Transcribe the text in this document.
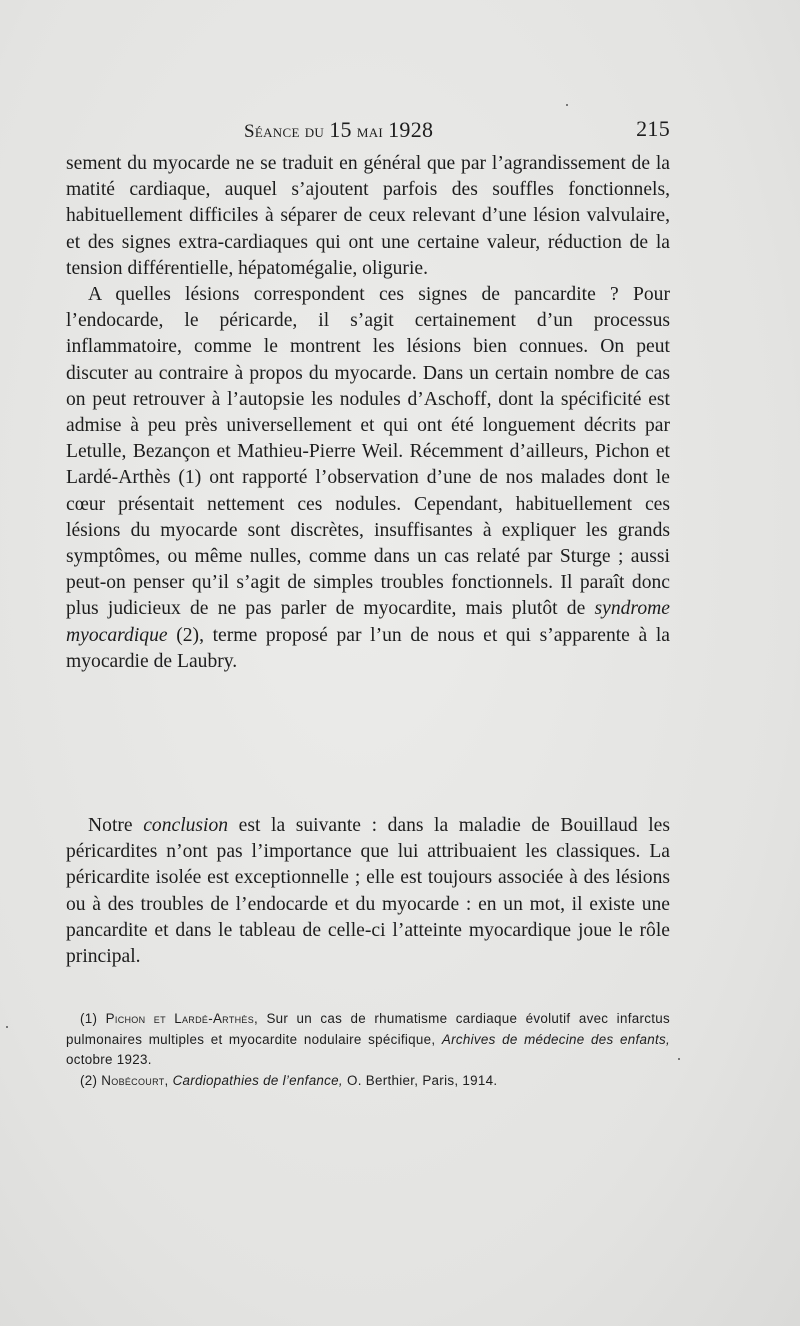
Séance du 15 mai 1928	215

sement du myocarde ne se traduit en général que par l’agrandissement de la matité cardiaque, auquel s’ajoutent parfois des souffles fonctionnels, habituellement difficiles à séparer de ceux relevant d’une lésion valvulaire, et des signes extra-cardiaques qui ont une certaine valeur, réduction de la tension différentielle, hépatomégalie, oligurie.

A quelles lésions correspondent ces signes de pancardite ? Pour l’endocarde, le péricarde, il s’agit certainement d’un processus inflammatoire, comme le montrent les lésions bien connues. On peut discuter au contraire à propos du myocarde. Dans un certain nombre de cas on peut retrouver à l’autopsie les nodules d’Aschoff, dont la spécificité est admise à peu près universellement et qui ont été longuement décrits par Letulle, Bezançon et Mathieu-Pierre Weil. Récemment d’ailleurs, Pichon et Lardé-Arthès (1) ont rapporté l’observation d’une de nos malades dont le cœur présentait nettement ces nodules. Cependant, habituellement ces lésions du myocarde sont discrètes, insuffisantes à expliquer les grands symptômes, ou même nulles, comme dans un cas relaté par Sturge ; aussi peut-on penser qu’il s’agit de simples troubles fonctionnels. Il paraît donc plus judicieux de ne pas parler de myocardite, mais plutôt de syndrome myocardique (2), terme proposé par l’un de nous et qui s’apparente à la myocardie de Laubry.

Notre conclusion est la suivante : dans la maladie de Bouillaud les péricardites n’ont pas l’importance que lui attribuaient les classiques. La péricardite isolée est exceptionnelle ; elle est toujours associée à des lésions ou à des troubles de l’endocarde et du myocarde : en un mot, il existe une pancardite et dans le tableau de celle-ci l’atteinte myocardique joue le rôle principal.

(1) Pichon et Lardé-Arthès, Sur un cas de rhumatisme cardiaque évolutif avec infarctus pulmonaires multiples et myocardite nodulaire spécifique, Archives de médecine des enfants, octobre 1923.

(2) Nobécourt, Cardiopathies de l’enfance, O. Berthier, Paris, 1914.
